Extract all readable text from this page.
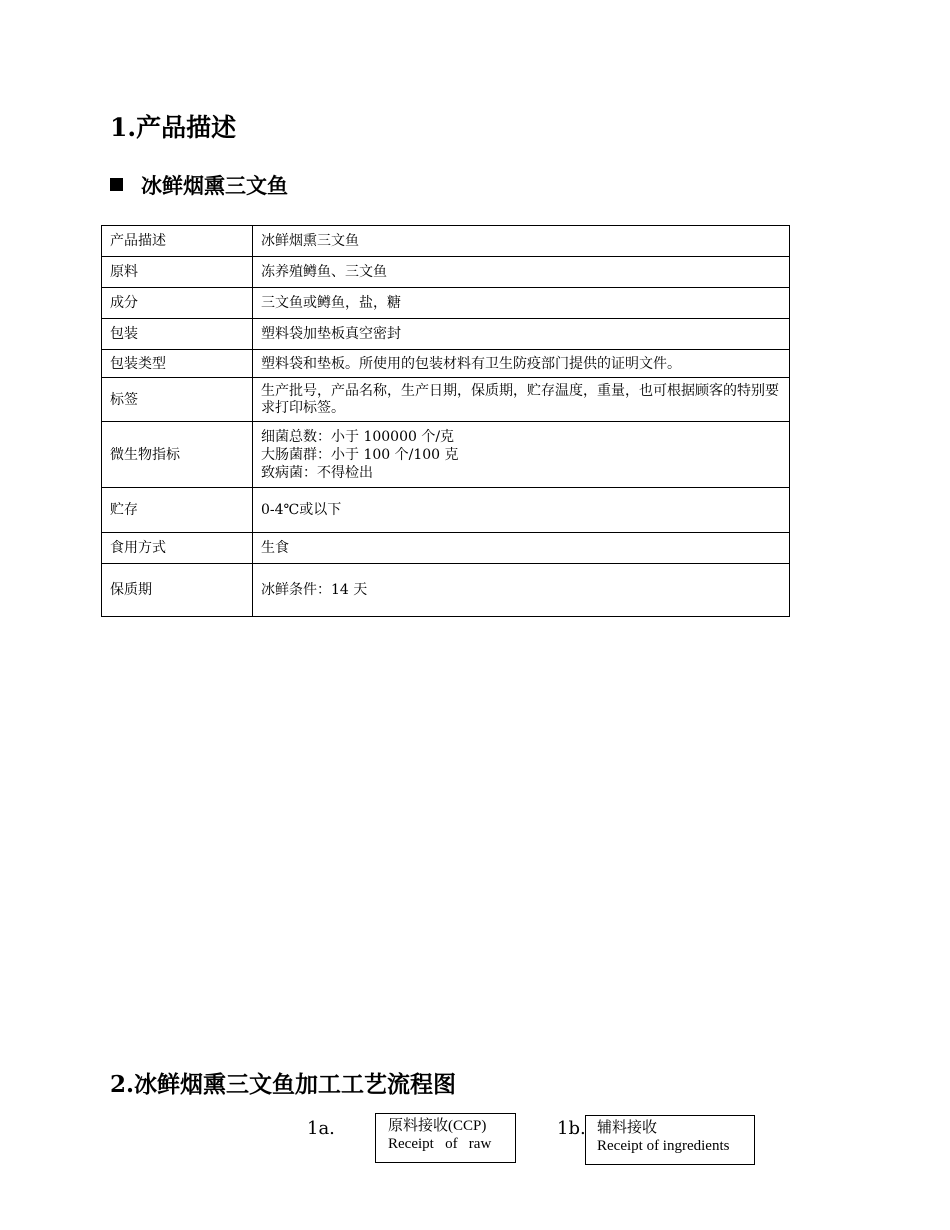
1.产品描述
冰鲜烟熏三文鱼
产品描述	冰鲜烟熏三文鱼
原料	冻养殖鳟鱼、三文鱼
成分	三文鱼或鳟鱼，盐，糖
包装	塑料袋加垫板真空密封
包装类型	塑料袋和垫板。所使用的包装材料有卫生防疫部门提供的证明文件。
标签	生产批号，产品名称，生产日期，保质期，贮存温度，重量，也可根据顾客的特别要求打印标签。
微生物指标	细菌总数：小于 100000 个/克
大肠菌群：小于 100 个/100 克
致病菌：不得检出

贮存	0-4℃或以下
食用方式	生食
保质期	冰鲜条件：14 天
2.冰鲜烟熏三文鱼加工工艺流程图
1a.	原料接收(CCP)
Receipt   of   raw
1b. 辅料接收
Receipt of ingredients
